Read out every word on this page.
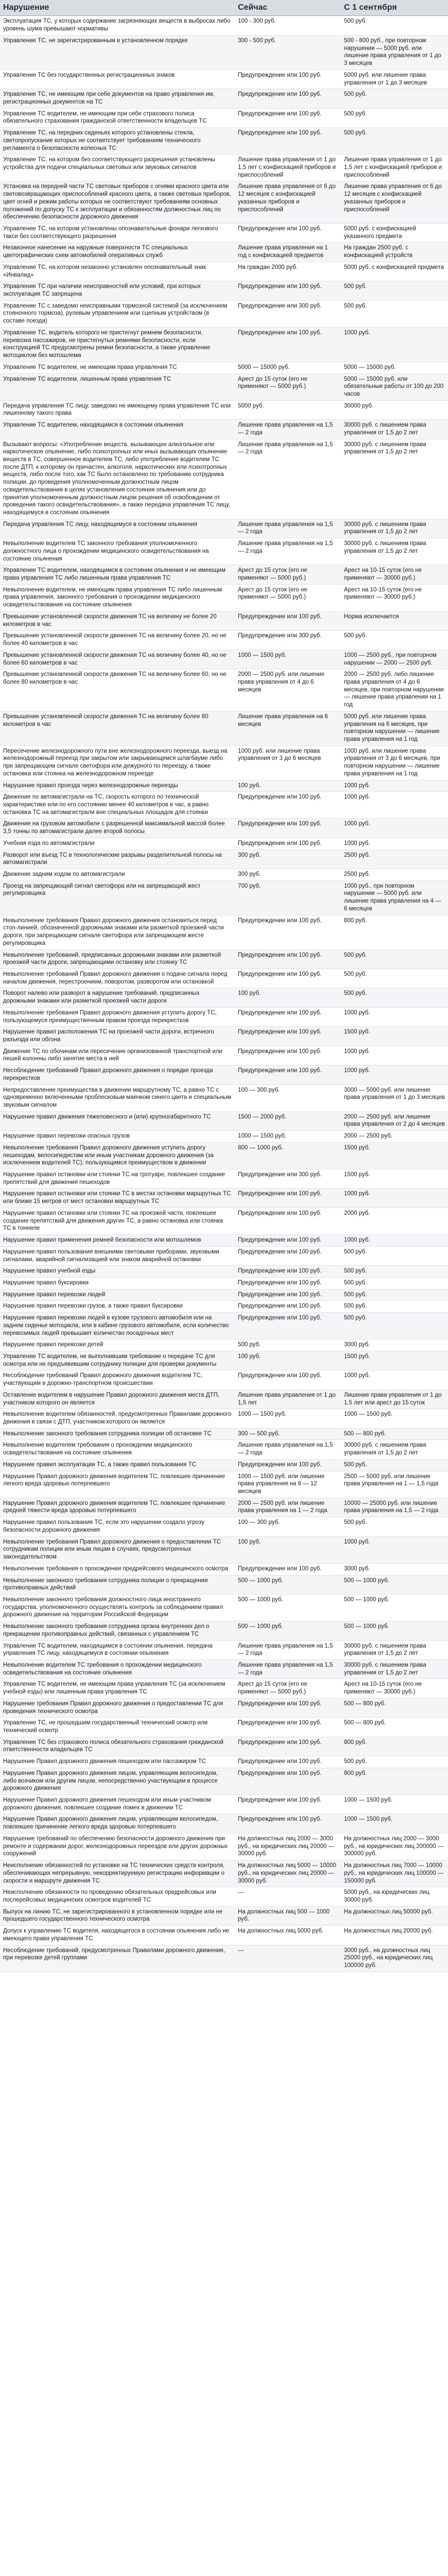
Нарушение	Сейчас	С 1 сентября
Эксплуатация ТС, у которых содержание загрязняющих веществ в выбросах либо уровень шума превышают нормативы	100 - 300 руб.	500 руб.
Управление ТС, не зарегистрированным в установленном порядке	300 - 500 руб.	500 - 800 руб., при повторном нарушении — 5000 руб. или лишение права управления от 1 до 3 месяцев
Управление ТС без государственных регистрационных знаков	Предупреждение или 100 руб.	5000 руб. или лишение права управления от 1 до 3 месяцев
Управление ТС, не имеющим при себе документов на право управления им, регистрационных документов на ТС	Предупреждение или 100 руб.	500 руб.
Управление ТС водителем, не имеющим при себе страхового полиса обязательного страхования гражданской ответственности владельцев ТС	Предупреждение или 100 руб.	500 руб.
Управление ТС, на передних сиденьях которого установлены стекла, светопропускание которых не соответствует требованиям технического регламента о безопасности колесных ТС	Предупреждение или 100 руб.	500 руб.
Управление ТС, на котором без соответствующего разрешения установлены устройства для подачи специальных световых или звуковых сигналов	Лишение права управления от 1 до 1,5 лет с конфискацией приборов и приспособлений	Лишение права управления от 1 до 1,5 лет с конфискацией приборов и приспособлений
Установка на передней части ТС световых приборов с огнями красного цвета или световозвращающих приспособлений красного цвета, а также световых приборов, цвет огней и режим работы которых не соответствуют требованиям основных положений по допуску ТС к эксплуатации и обязанностям должностных лиц по обеспечению безопасности дорожного движения	Лишение права управления от 6 до 12 месяцев с конфискацией указанных приборов и приспособлений	Лишение права управления от 6 до 12 месяцев с конфискацией указанных приборов и приспособлений
Управление ТС, на котором установлены опознавательные фонари легкового такси без соответствующего разрешения	Предупреждение или 100 руб.	5000 руб. с конфискацией указанного предмета
Незаконное нанесение на наружные поверхности ТС специальных цветографических схем автомобилей оперативных служб	Лишение права управления на 1 год с конфискацией предметов	На граждан 2500 руб. с конфискацией устройств
Управление ТС, на котором незаконно установлен опознавательный знак «Инвалид»	На граждан 2000 руб.	5000 руб. с конфискацией предмета
Управление ТС при наличии неисправностей или условий, при которых эксплуатация ТС запрещена	Предупреждение или 100 руб.	500 руб.
Управление ТС с заведомо неисправными тормозной системой (за исключением стояночного тормоза), рулевым управлением или сцепным устройством (в составе поезда)	Предупреждение или 300 руб.	500 руб.
Управление ТС, водитель которого не пристегнут ремнем безопасности, перевозка пассажиров, не пристегнутых ремнями безопасности, если конструкцией ТС предусмотрены ремни безопасности, а также управление мотоциклом без мотошлема	Предупреждение или 100 руб.	1000 руб.
Управление ТС водителем, не имеющим права управления ТС	5000 — 15000 руб.	5000 — 15000 руб.
Управление ТС водителем, лишенным права управления ТС	Арест до 15 суток (его не применяют — 5000 руб.)	5000 — 15000 руб. или обязательные работы от 100 до 200 часов
Передача управления ТС лицу, заведомо не имеющему права управления ТС или лишенному такого права	5000 руб.	30000 руб.
Управление ТС водителем, находящимся в состоянии опьянения	Лишение права управления на 1,5 — 2 года	30000 руб. с лишением права управления от 1,5 до 2 лет
Вызывают вопросы: «Употребление веществ, вызывающих алкогольное или наркотическое опьянение, либо психотропных или иных вызывающих опьянение веществ в ТС, совершенное водителем ТС, либо употребление водителем ТС после ДТП, к которому он причастен, алкоголя, наркотических или психотропных веществ, либо после того, как ТС было остановлено по требованию сотрудника полиции, до проведения уполномоченным должностным лицом освидетельствования в целях установления состояния опьянения или до принятия уполномоченным должностным лицом решения об освобождении от проведения такого освидетельствования», а также передача управления ТС лицу, находящемуся в состоянии опьянения	Лишение права управления на 1,5 — 2 года	30000 руб. с лишением права управления от 1,5 до 2 лет
Передача управления ТС лицу, находящемуся в состоянии опьянения	Лишение права управления на 1,5 — 2 года	30000 руб. с лишением права управления от 1,5 до 2 лет
Невыполнение водителем ТС законного требования уполномоченного должностного лица о прохождении медицинского освидетельствования на состояние опьянения	Лишение права управления на 1,5 — 2 года	30000 руб. с лишением права управления от 1,5 до 2 лет
Управление ТС водителем, находящимся в состоянии опьянения и не имеющим права управления ТС либо лишенным права управления ТС	Арест до 15 суток (его не применяют — 5000 руб.)	Арест на 10-15 суток (его не применяют — 30000 руб.)
Невыполнение водителем, не имеющим права управления ТС либо лишенным права управления, законного требования о прохождении медицинского освидетельствования на состояние опьянения	Арест до 15 суток (его не применяют — 5000 руб.)	Арест на 10-15 суток (его не применяют — 30000 руб.)
Превышение установленной скорости движения ТС на величину не более 20 километров в час	Предупреждение или 100 руб.	Норма исключается
Превышение установленной скорости движения ТС на величину более 20, но не более 40 километров в час	Предупреждение или 300 руб.	500 руб.
Превышение установленной скорости движения ТС на величину более 40, но не более 60 километров в час	1000 — 1500 руб.	1000 — 2500 руб., при повторном нарушении — 2000 — 2500 руб.
Превышение установленной скорости движения ТС на величину более 60, но не более 80 километров в час	2000 — 2500 руб. или лишение права управления от 4 до 6 месяцев	2000 — 2500 руб. либо лишение права управления от 4 до 6 месяцев, при повторном нарушении — лишение права управления на 1 год
Превышение установленной скорости движения ТС на величину более 80 километров в час	Лишение права управления на 6 месяцев	5000 руб. или лишение права управления на 6 месяцев, при повторном нарушении — лишение права управления на 1 год
Пересечение железнодорожного пути вне железнодорожного переезда, выезд на железнодорожный переезд при закрытом или закрывающемся шлагбауме либо при запрещающем сигнале светофора или дежурного по переезду, а также остановка или стоянка на железнодорожном переезде	1000 руб. или лишение права управления от 3 до 6 месяцев	1000 руб. или лишение права управления от 3 до 6 месяцев, при повторном нарушении — лишение права управления на 1 год
Нарушение правил проезда через железнодорожные переезды	100 руб.	1000 руб.
Движение по автомагистрали на ТС, скорость которого по технической характеристике или по его состоянию менее 40 километров в час, а равно остановка ТС на автомагистрали вне специальных площадок для стоянки	Предупреждение или 100 руб.	1000 руб.
Движение на грузовом автомобиле с разрешенной максимальной массой более 3,5 тонны по автомагистрали далее второй полосы	Предупреждение или 100 руб.	1000 руб.
Учебная езда по автомагистрали	Предупреждение или 100 руб.	1000 руб.
Разворот или въезд ТС в технологические разрывы разделительной полосы на автомагистрали	300 руб.	2500 руб.
Движение задним ходом по автомагистрали	300 руб.	2500 руб.
Проезд на запрещающий сигнал светофора или на запрещающий жест регулировщика	700 руб.	1000 руб., при повторном нарушении — 5000 руб. или лишение права управления на 4 — 6 месяцев
Невыполнение требования Правил дорожного движения остановиться перед стоп-линией, обозначенной дорожными знаками или разметкой проезжей части дороги, при запрещающем сигнале светофора или запрещающем жесте регулировщика	Предупреждение или 100 руб.	800 руб.
Невыполнение требований, предписанных дорожными знаками или разметкой проезжей части дороги, запрещающими остановку или стоянку ТС	Предупреждение или 100 руб.	500 руб.
Невыполнение требований Правил дорожного движения о подаче сигнала перед началом движения, перестроением, поворотом, разворотом или остановкой	Предупреждение или 100 руб.	500 руб.
Поворот налево или разворот в нарушение требований, предписанных дорожными знаками или разметкой проезжей части дороги	100 руб.	500 руб.
Невыполнение требования Правил дорожного движения уступить дорогу ТС, пользующемуся преимущественным правом проезда перекрестков	Предупреждение или 100 руб.	1000 руб.
Нарушение правил расположения ТС на проезжей части дороги, встречного разъезда или обгона	Предупреждение или 100 руб.	1500 руб.
Движение ТС по обочинам или пересечение организованной транспортной или пешей колонны либо занятие места в ней	Предупреждение или 100 руб.	1000 руб.
Несоблюдение требований Правил дорожного движения о порядке проезда перекрестков	Предупреждение или 100 руб.	1000 руб.
Непредоставление преимущества в движении маршрутному ТС, а равно ТС с одновременно включенными проблесковым маячком синего цвета и специальным звуковым сигналом	100 — 300 руб.	3000 — 5000 руб. или лишение права управления от 1 до 3 месяцев
Нарушение правил движения тяжеловесного и (или) крупногабаритного ТС	1500 — 2000 руб.	2000 — 2500 руб. или лишение права управления от 2 до 4 месяцев
Нарушение правил перевозки опасных грузов	1000 — 1500 руб.	2000 — 2500 руб.
Невыполнение требования Правил дорожного движения уступить дорогу пешеходам, велосипедистам или иным участникам дорожного движения (за исключением водителей ТС), пользующимся преимуществом в движении	800 — 1000 руб.	1500 руб.
Нарушение правил остановки или стоянки ТС на тротуаре, повлекшее создание препятствий для движения пешеходов	Предупреждение или 300 руб.	1500 руб.
Нарушение правил остановки или стоянки ТС в местах остановки маршрутных ТС или ближе 15 метров от мест остановки маршрутных ТС	Предупреждение или 100 руб.	1000 руб.
Нарушение правил остановки или стоянки ТС на проезжей части, повлекшее создание препятствий для движения других ТС, а равно остановка или стоянка ТС в тоннеле	Предупреждение или 100 руб.	2000 руб.
Нарушение правил применения ремней безопасности или мотошлемов	Предупреждение или 100 руб.	1000 руб.
Нарушение правил пользования внешними световыми приборами, звуковыми сигналами, аварийной сигнализацией или знаком аварийной остановки	Предупреждение или 100 руб.	500 руб.
Нарушение правил учебной езды	Предупреждение или 100 руб.	500 руб.
Нарушение правил буксировки	Предупреждение или 100 руб.	500 руб.
Нарушение правил перевозки людей	Предупреждение или 100 руб.	500 руб.
Нарушение правил перевозки грузов, а также правил буксировки	Предупреждение или 100 руб.	500 руб.
Нарушение правил перевозки людей в кузове грузового автомобиля или на заднем сиденье мотоцикла, или в кабине грузового автомобиля, если количество перевозимых людей превышает количество посадочных мест	Предупреждение или 100 руб.	500 руб.
Нарушение правил перевозки детей	500 руб.	3000 руб.
Управление ТС водителем, не выполнившим требование о передаче ТС для осмотра или не предъявившим сотруднику полиции для проверки документы	100 руб.	1500 руб.
Несоблюдение требований Правил дорожного движения водителем ТС, участвующим в дорожно-транспортном происшествии	Предупреждение или 100 руб.	1000 руб.
Оставление водителем в нарушение Правил дорожного движения места ДТП, участником которого он является	Лишение права управления от 1 до 1,5 лет	Лишение права управления от 1 до 1,5 лет или арест до 15 суток
Невыполнение водителем обязанностей, предусмотренных Правилами дорожного движения в связи с ДТП, участником которого он является	1000 — 1500 руб.	1000 — 1500 руб.
Невыполнение законного требования сотрудника полиции об остановке ТС	300 — 500 руб.	500 — 800 руб.
Невыполнение водителем требования о прохождении медицинского освидетельствования на состояние опьянения	Лишение права управления на 1,5 — 2 года	30000 руб. с лишением права управления от 1,5 до 2 лет
Нарушение правил эксплуатации ТС, а также правил пользования ТС	Предупреждение или 100 руб.	500 руб.
Нарушение Правил дорожного движения водителем ТС, повлекшее причинение легкого вреда здоровью потерпевшего	1000 — 1500 руб. или лишение права управления на 6 — 12 месяцев	2500 — 5000 руб. или лишение права управления на 1 — 1,5 года
Нарушение Правил дорожного движения водителем ТС, повлекшее причинение средней тяжести вреда здоровью потерпевшего	2000 — 2500 руб. или лишение права управления на 1 — 2 года	10000 — 25000 руб. или лишение права управления на 1,5 — 2 года
Нарушение правил пользования ТС, если это нарушение создало угрозу безопасности дорожного движения	100 — 300 руб.	500 руб.
Невыполнение требования Правил дорожного движения о предоставлении ТС сотрудникам полиции или иным лицам в случаях, предусмотренных законодательством	100 руб.	1000 руб.
Невыполнение требования о прохождении предрейсового медицинского осмотра	Предупреждение или 100 руб.	3000 руб.
Невыполнение законного требования сотрудника полиции о прекращении противоправных действий	500 — 1000 руб.	500 — 1000 руб.
Невыполнение законного требования должностного лица иностранного государства, уполномоченного осуществлять контроль за соблюдением правил дорожного движения на территории Российской Федерации	500 — 1000 руб.	500 — 1000 руб.
Невыполнение законного требования сотрудника органа внутренних дел о прекращении противоправных действий, связанных с управлением ТС	500 — 1000 руб.	500 — 1000 руб.
Управление ТС водителем, находящимся в состоянии опьянения, передача управления ТС лицу, находящемуся в состоянии опьянения	Лишение права управления на 1,5 — 2 года	30000 руб. с лишением права управления от 1,5 до 2 лет
Невыполнение водителем ТС требования о прохождении медицинского освидетельствования на состояние опьянения	Лишение права управления на 1,5 — 2 года	30000 руб. с лишением права управления от 1,5 до 2 лет
Управление ТС водителем, не имеющим права управления ТС (за исключением учебной езды) или лишенным права управления ТС	Арест до 15 суток (его не применяют — 5000 руб.)	Арест на 10-15 суток (его не применяют — 30000 руб.)
Нарушение требования Правил дорожного движения о предоставлении ТС для проведения технического осмотра	Предупреждение или 100 руб.	500 — 800 руб.
Управление ТС, не прошедшим государственный технический осмотр или технический осмотр	Предупреждение или 100 руб.	500 — 800 руб.
Управление ТС без страхового полиса обязательного страхования гражданской ответственности владельцев ТС	Предупреждение или 100 руб.	800 руб.
Нарушение Правил дорожного движения пешеходом или пассажиром ТС	Предупреждение или 100 руб.	500 руб.
Нарушение Правил дорожного движения лицом, управляющим велосипедом, либо возчиком или другим лицом, непосредственно участвующим в процессе дорожного движения	Предупреждение или 100 руб.	800 руб.
Нарушение Правил дорожного движения пешеходом или иным участником дорожного движения, повлекшее создание помех в движении ТС	Предупреждение или 100 руб.	1000 — 1500 руб.
Нарушение Правил дорожного движения лицом, управляющим велосипедом, повлекшее причинение легкого вреда здоровью потерпевшего	Предупреждение или 100 руб.	1000 — 1500 руб.
Нарушение требований по обеспечению безопасности дорожного движения при ремонте и содержании дорог, железнодорожных переездов или других дорожных сооружений	На должностных лиц 2000 — 3000 руб., на юридических лиц 20000 — 30000 руб.	На должностных лиц 2000 — 3000 руб., на юридических лиц 200000 — 300000 руб.
Неисполнение обязанностей по установке на ТС технических средств контроля, обеспечивающих непрерывную, некорректируемую регистрацию информации о скорости и маршруте движения ТС	На должностных лиц 5000 — 10000 руб., на юридических лиц 20000 — 30000 руб.	На должностных лиц 7000 — 10000 руб., на юридических лиц 100000 — 150000 руб.
Неисполнение обязанности по проведению обязательных предрейсовых или послерейсовых медицинских осмотров водителей ТС	—	5000 руб., на юридических лиц 30000 руб.
Выпуск на линию ТС, не зарегистрированного в установленном порядке или не прошедшего государственного технического осмотра	На должностных лиц 500 — 1000 руб.	На должностных лиц 50000 руб.
Допуск к управлению ТС водителя, находящегося в состоянии опьянения либо не имеющего права управления ТС	На должностных лиц 5000 руб.	На должностных лиц 20000 руб.
Несоблюдение требований, предусмотренных Правилами дорожного движения, при перевозке детей группами	—	3000 руб., на должностных лиц 25000 руб., на юридических лиц 100000 руб.
